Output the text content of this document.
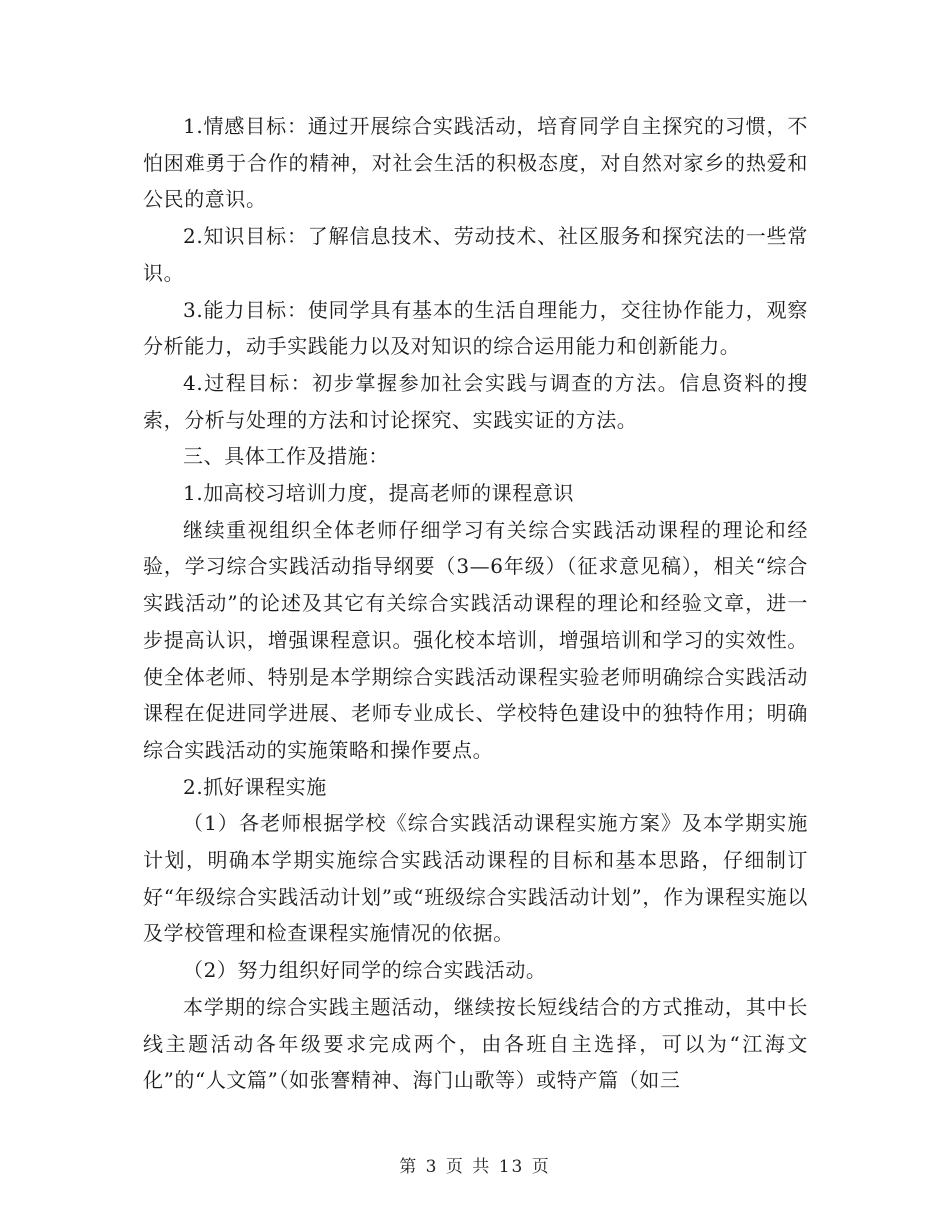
1.情感目标：通过开展综合实践活动，培育同学自主探究的习惯，不怕困难勇于合作的精神，对社会生活的积极态度，对自然对家乡的热爱和公民的意识。

2.知识目标：了解信息技术、劳动技术、社区服务和探究法的一些常识。

3.能力目标：使同学具有基本的生活自理能力，交往协作能力，观察分析能力，动手实践能力以及对知识的综合运用能力和创新能力。

4.过程目标：初步掌握参加社会实践与调查的方法。信息资料的搜索，分析与处理的方法和讨论探究、实践实证的方法。

三、具体工作及措施：

1.加高校习培训力度，提高老师的课程意识

继续重视组织全体老师仔细学习有关综合实践活动课程的理论和经验，学习综合实践活动指导纲要（3—6年级）（征求意见稿），相关“综合实践活动”的论述及其它有关综合实践活动课程的理论和经验文章，进一步提高认识，增强课程意识。强化校本培训，增强培训和学习的实效性。使全体老师、特别是本学期综合实践活动课程实验老师明确综合实践活动课程在促进同学进展、老师专业成长、学校特色建设中的独特作用；明确综合实践活动的实施策略和操作要点。

2.抓好课程实施

（1）各老师根据学校《综合实践活动课程实施方案》及本学期实施计划，明确本学期实施综合实践活动课程的目标和基本思路，仔细制订好“年级综合实践活动计划”或“班级综合实践活动计划”，作为课程实施以及学校管理和检查课程实施情况的依据。

（2）努力组织好同学的综合实践活动。

本学期的综合实践主题活动，继续按长短线结合的方式推动，其中长线主题活动各年级要求完成两个，由各班自主选择，可以为“江海文化”的“人文篇”（如张謇精神、海门山歌等）或特产篇（如三

第 3 页 共 13 页
